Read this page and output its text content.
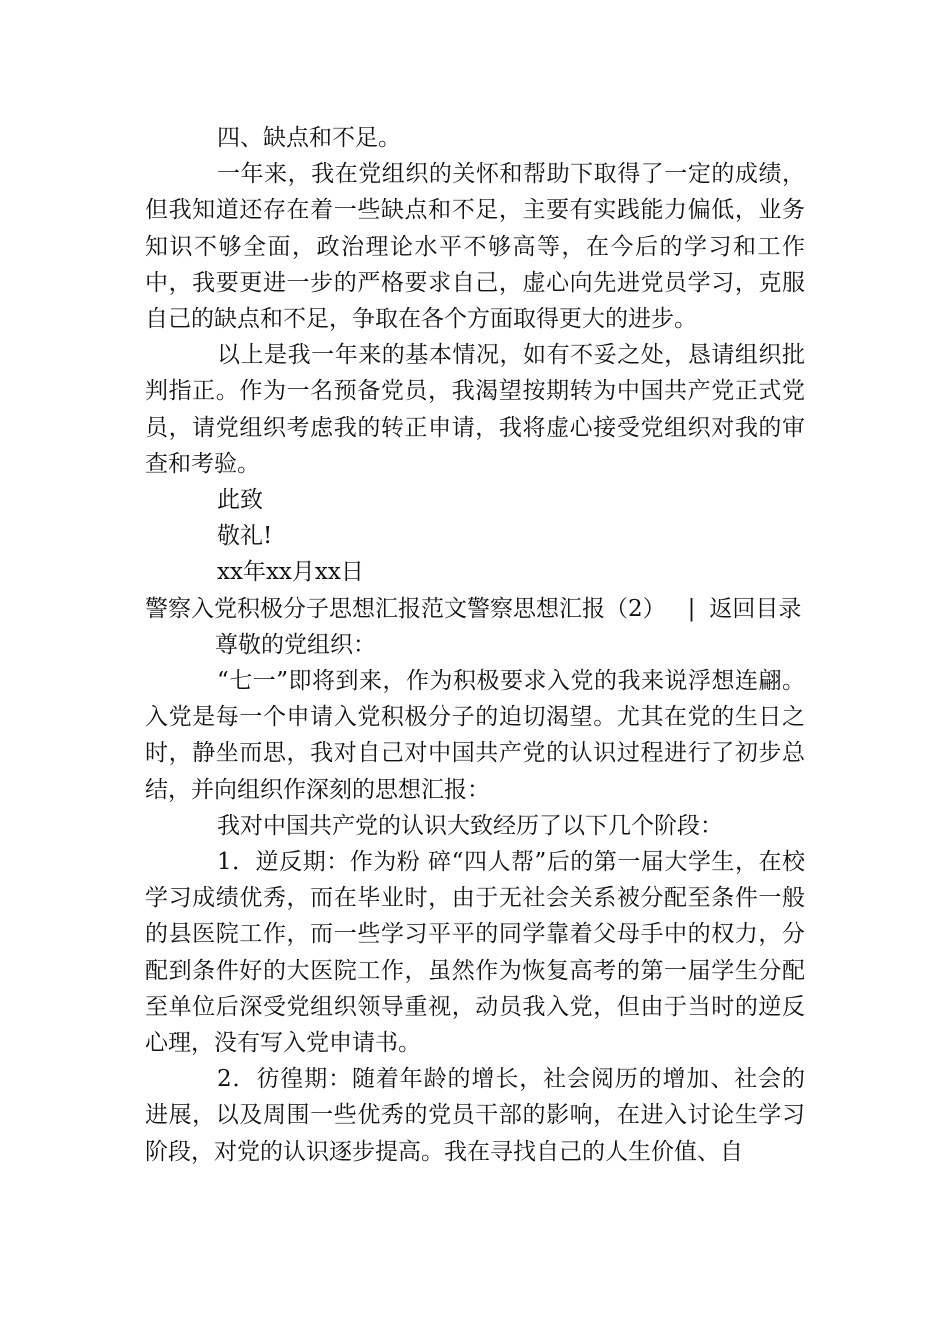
四、缺点和不足。

一年来，我在党组织的关怀和帮助下取得了一定的成绩，但我知道还存在着一些缺点和不足，主要有实践能力偏低，业务知识不够全面，政治理论水平不够高等，在今后的学习和工作中，我要更进一步的严格要求自己，虚心向先进党员学习，克服自己的缺点和不足，争取在各个方面取得更大的进步。

以上是我一年来的基本情况，如有不妥之处，恳请组织批判指正。作为一名预备党员，我渴望按期转为中国共产党正式党员，请党组织考虑我的转正申请，我将虚心接受党组织对我的审查和考验。

此致

敬礼!

xx年xx月xx日

警察入党积极分子思想汇报范文警察思想汇报（2） | 返回目录
尊敬的党组织：

“七一”即将到来，作为积极要求入党的我来说浮想连翩。入党是每一个申请入党积极分子的迫切渴望。尤其在党的生日之时，静坐而思，我对自己对中国共产党的认识过程进行了初步总结，并向组织作深刻的思想汇报：

我对中国共产党的认识大致经历了以下几个阶段：

1．逆反期：作为粉 碎“四人帮”后的第一届大学生，在校学习成绩优秀，而在毕业时，由于无社会关系被分配至条件一般的县医院工作，而一些学习平平的同学靠着父母手中的权力，分配到条件好的大医院工作，虽然作为恢复高考的第一届学生分配至单位后深受党组织领导重视，动员我入党，但由于当时的逆反心理，没有写入党申请书。

2．彷徨期：随着年龄的增长，社会阅历的增加、社会的进展，以及周围一些优秀的党员干部的影响，在进入讨论生学习阶段，对党的认识逐步提高。我在寻找自己的人生价值、自
